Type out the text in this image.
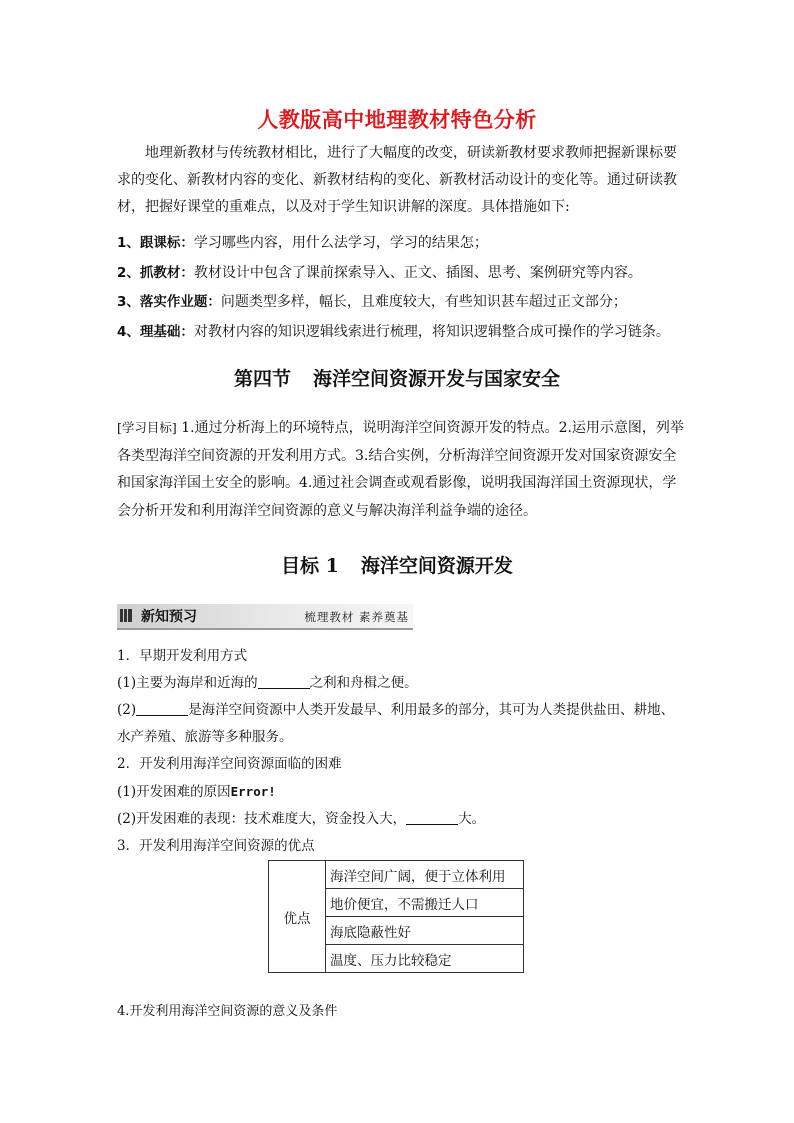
人教版高中地理教材特色分析

地理新教材与传统教材相比，进行了大幅度的改变，研读新教材要求教师把握新课标要求的变化、新教材内容的变化、新教材结构的变化、新教材活动设计的变化等。通过研读教材，把握好课堂的重难点，以及对于学生知识讲解的深度。具体措施如下:

1、跟课标：学习哪些内容，用什么法学习，学习的结果怎；
2、抓教材：教材设计中包含了课前探索导入、正文、插图、思考、案例研究等内容。
3、落实作业题：问题类型多样，幅长，且难度较大，有些知识甚车超过正文部分；
4、理基础：对教材内容的知识逻辑线索进行梳理，将知识逻辑整合成可操作的学习链条。
第四节 海洋空间资源开发与国家安全

[学习目标] 1.通过分析海上的环境特点，说明海洋空间资源开发的特点。2.运用示意图，列举各类型海洋空间资源的开发利用方式。3.结合实例，分析海洋空间资源开发对国家资源安全和国家海洋国土安全的影响。4.通过社会调查或观看影像，说明我国海洋国土资源现状，学会分析开发和利用海洋空间资源的意义与解决海洋利益争端的途径。

目标 1 海洋空间资源开发
新知预习	梳理教材 素养奠基
1．早期开发利用方式
(1)主要为海岸和近海的	之利和舟楫之便。
(2)	是海洋空间资源中人类开发最早、利用最多的部分，其可为人类提供盐田、耕地、
水产养殖、旅游等多种服务。
2．开发利用海洋空间资源面临的困难
(1)开发困难的原因Error!
(2)开发困难的表现：技术难度大，资金投入大，	大。
3．开发利用海洋空间资源的优点
优点	海洋空间广阔，便于立体利用
地价便宜，不需搬迁人口
海底隐蔽性好
温度、压力比较稳定
4.开发利用海洋空间资源的意义及条件
